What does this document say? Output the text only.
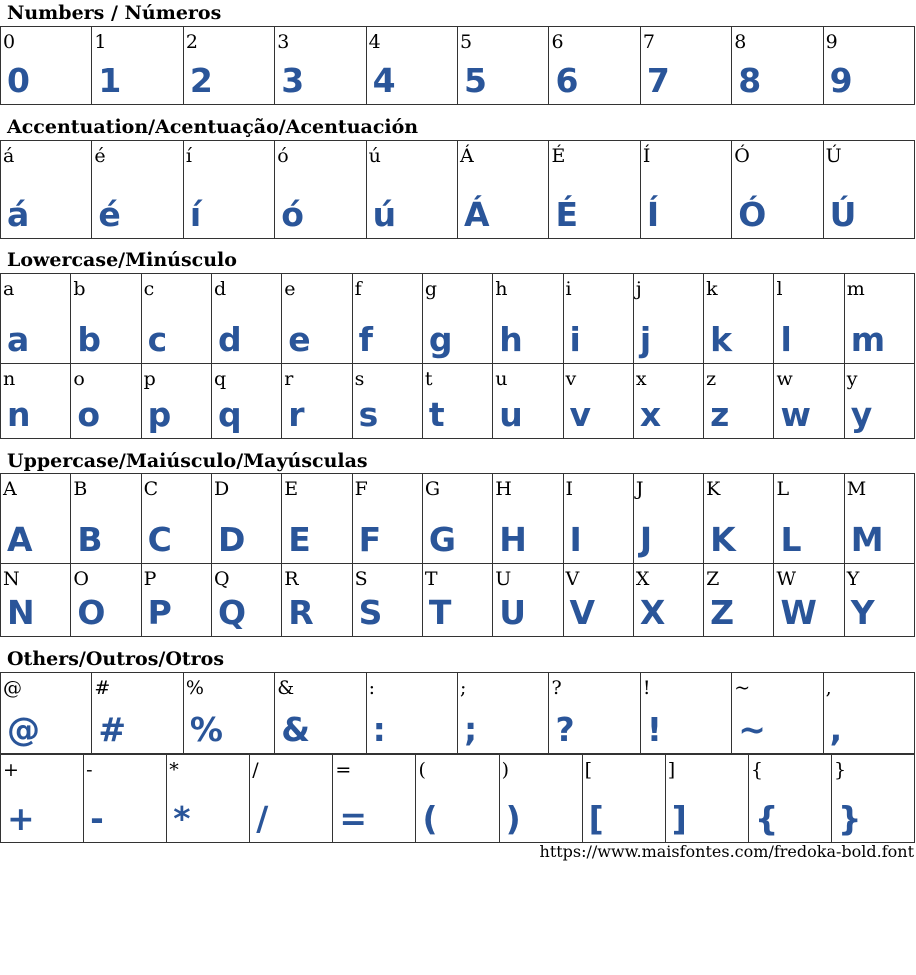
Numbers / Números
0
0
1
1
2
2
3
3
4
4
5
5
6
6
7
7
8
8
9
9
Accentuation/Acentuação/Acentuación
á
á
é
é
í
í
ó
ó
ú
ú
Á
Á
É
É
Í
Í
Ó
Ó
Ú
Ú
Lowercase/Minúsculo
a
a
b
b
c
c
d
d
e
e
f
f
g
g
h
h
i
i
j
j
k
k
l
l
m
m
n
n
o
o
p
p
q
q
r
r
s
s
t
t
u
u
v
v
x
x
z
z
w
w
y
y
Uppercase/Maiúsculo/Mayúsculas
A
A
B
B
C
C
D
D
E
E
F
F
G
G
H
H
I
I
J
J
K
K
L
L
M
M
N
N
O
O
P
P
Q
Q
R
R
S
S
T
T
U
U
V
V
X
X
Z
Z
W
W
Y
Y
Others/Outros/Otros
@
@
#
#
%
%
&
&
:
:
;
;
?
?
!
!
~
~
,
,
+
+
-
-
*
*
/
/
=
=
(
(
)
)
[
[
]
]
{
{
}
}
https://www.maisfontes.com/fredoka-bold.font
